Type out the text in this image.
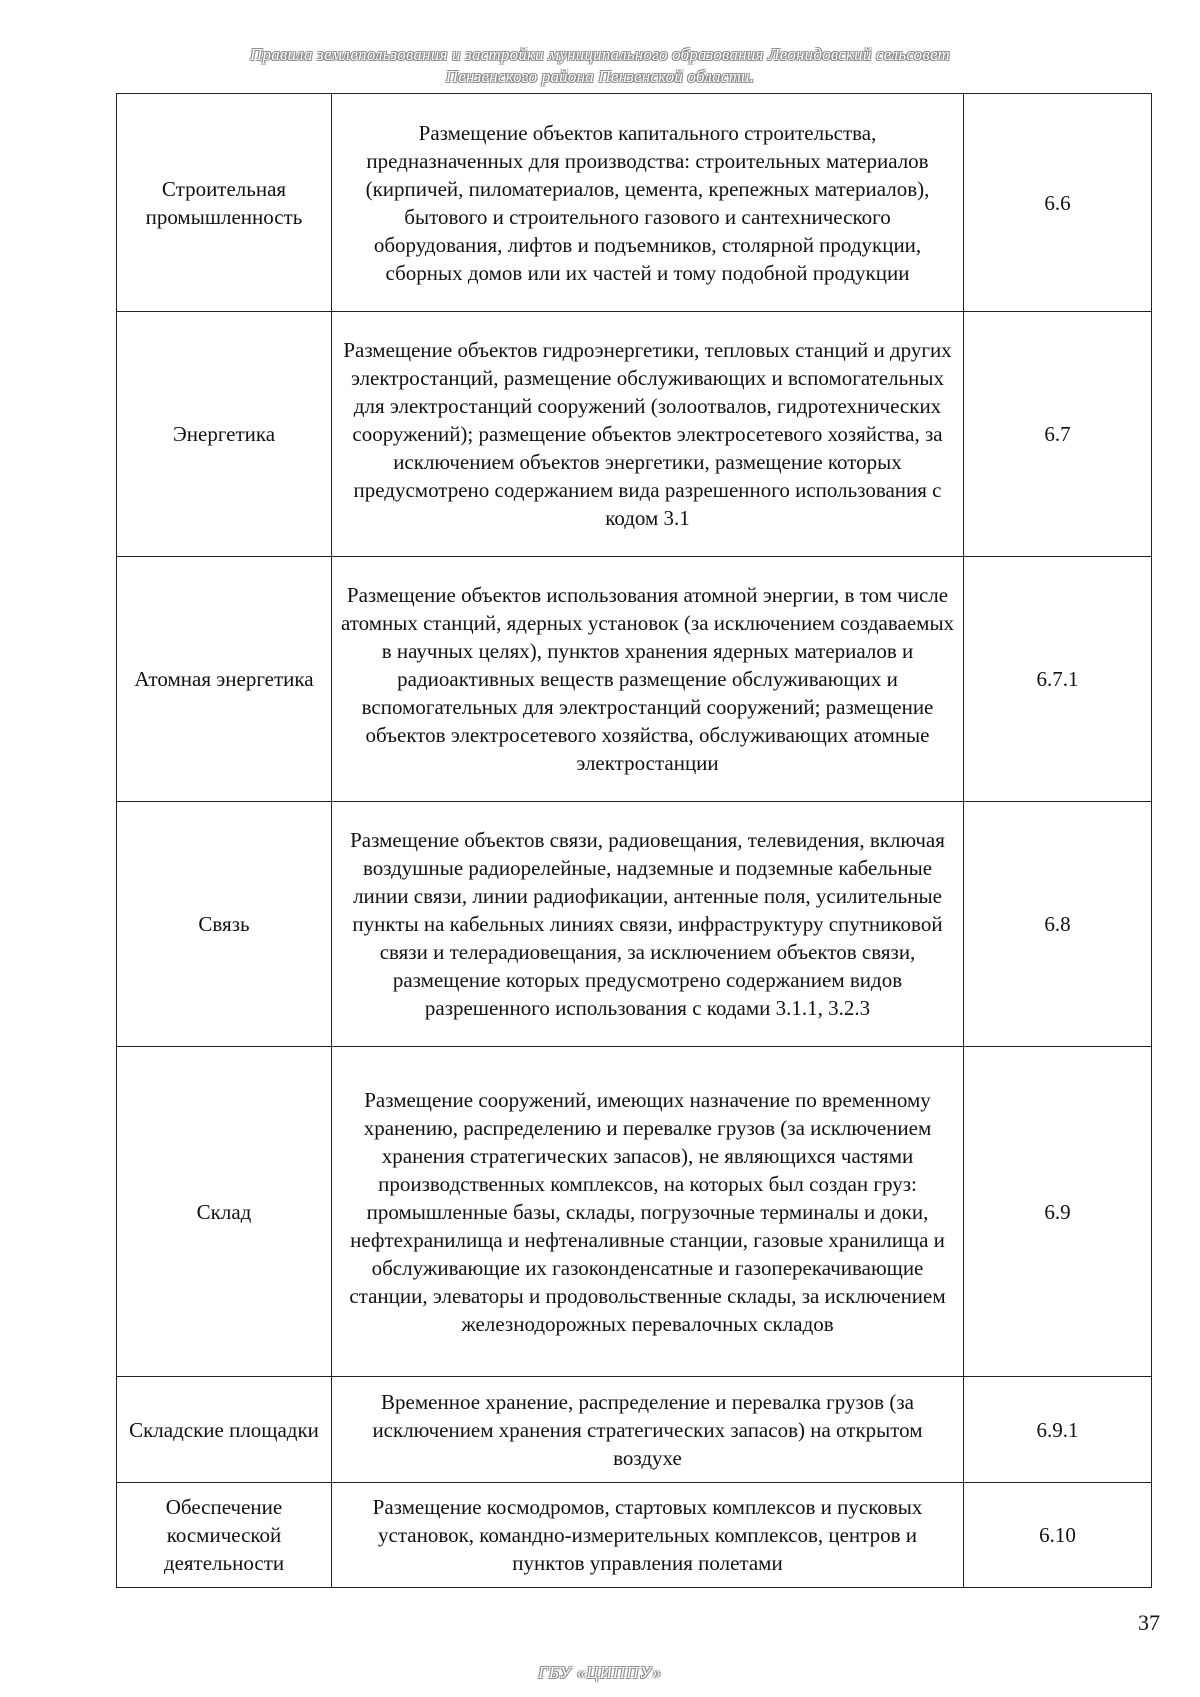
Правила землепользования и застройки муниципального образования Леонидовский сельсовет
Пензенского района Пензенской области.
Строительная промышленность	Размещение объектов капитального строительства, предназначенных для производства: строительных материалов (кирпичей, пиломатериалов, цемента, крепежных материалов), бытового и строительного газового и сантехнического оборудования, лифтов и подъемников, столярной продукции, сборных домов или их частей и тому подобной продукции	6.6
Энергетика	Размещение объектов гидроэнергетики, тепловых станций и других электростанций, размещение обслуживающих и вспомогательных для электростанций сооружений (золоотвалов, гидротехнических сооружений); размещение объектов электросетевого хозяйства, за исключением объектов энергетики, размещение которых предусмотрено содержанием вида разрешенного использования с кодом 3.1	6.7
Атомная энергетика	Размещение объектов использования атомной энергии, в том числе атомных станций, ядерных установок (за исключением создаваемых в научных целях), пунктов хранения ядерных материалов и радиоактивных веществ размещение обслуживающих и вспомогательных для электростанций сооружений; размещение объектов электросетевого хозяйства, обслуживающих атомные электростанции	6.7.1
Связь	Размещение объектов связи, радиовещания, телевидения, включая воздушные радиорелейные, надземные и подземные кабельные линии связи, линии радиофикации, антенные поля, усилительные пункты на кабельных линиях связи, инфраструктуру спутниковой связи и телерадиовещания, за исключением объектов связи, размещение которых предусмотрено содержанием видов разрешенного использования с кодами 3.1.1, 3.2.3	6.8
Склад	Размещение сооружений, имеющих назначение по временному хранению, распределению и перевалке грузов (за исключением хранения стратегических запасов), не являющихся частями производственных комплексов, на которых был создан груз: промышленные базы, склады, погрузочные терминалы и доки, нефтехранилища и нефтеналивные станции, газовые хранилища и обслуживающие их газоконденсатные и газоперекачивающие станции, элеваторы и продовольственные склады, за исключением железнодорожных перевалочных складов	6.9
Складские площадки	Временное хранение, распределение и перевалка грузов (за исключением хранения стратегических запасов) на открытом воздухе	6.9.1
Обеспечение космической деятельности	Размещение космодромов, стартовых комплексов и пусковых установок, командно-измерительных комплексов, центров и пунктов управления полетами	6.10
37
ГБУ «ЦИППУ»
